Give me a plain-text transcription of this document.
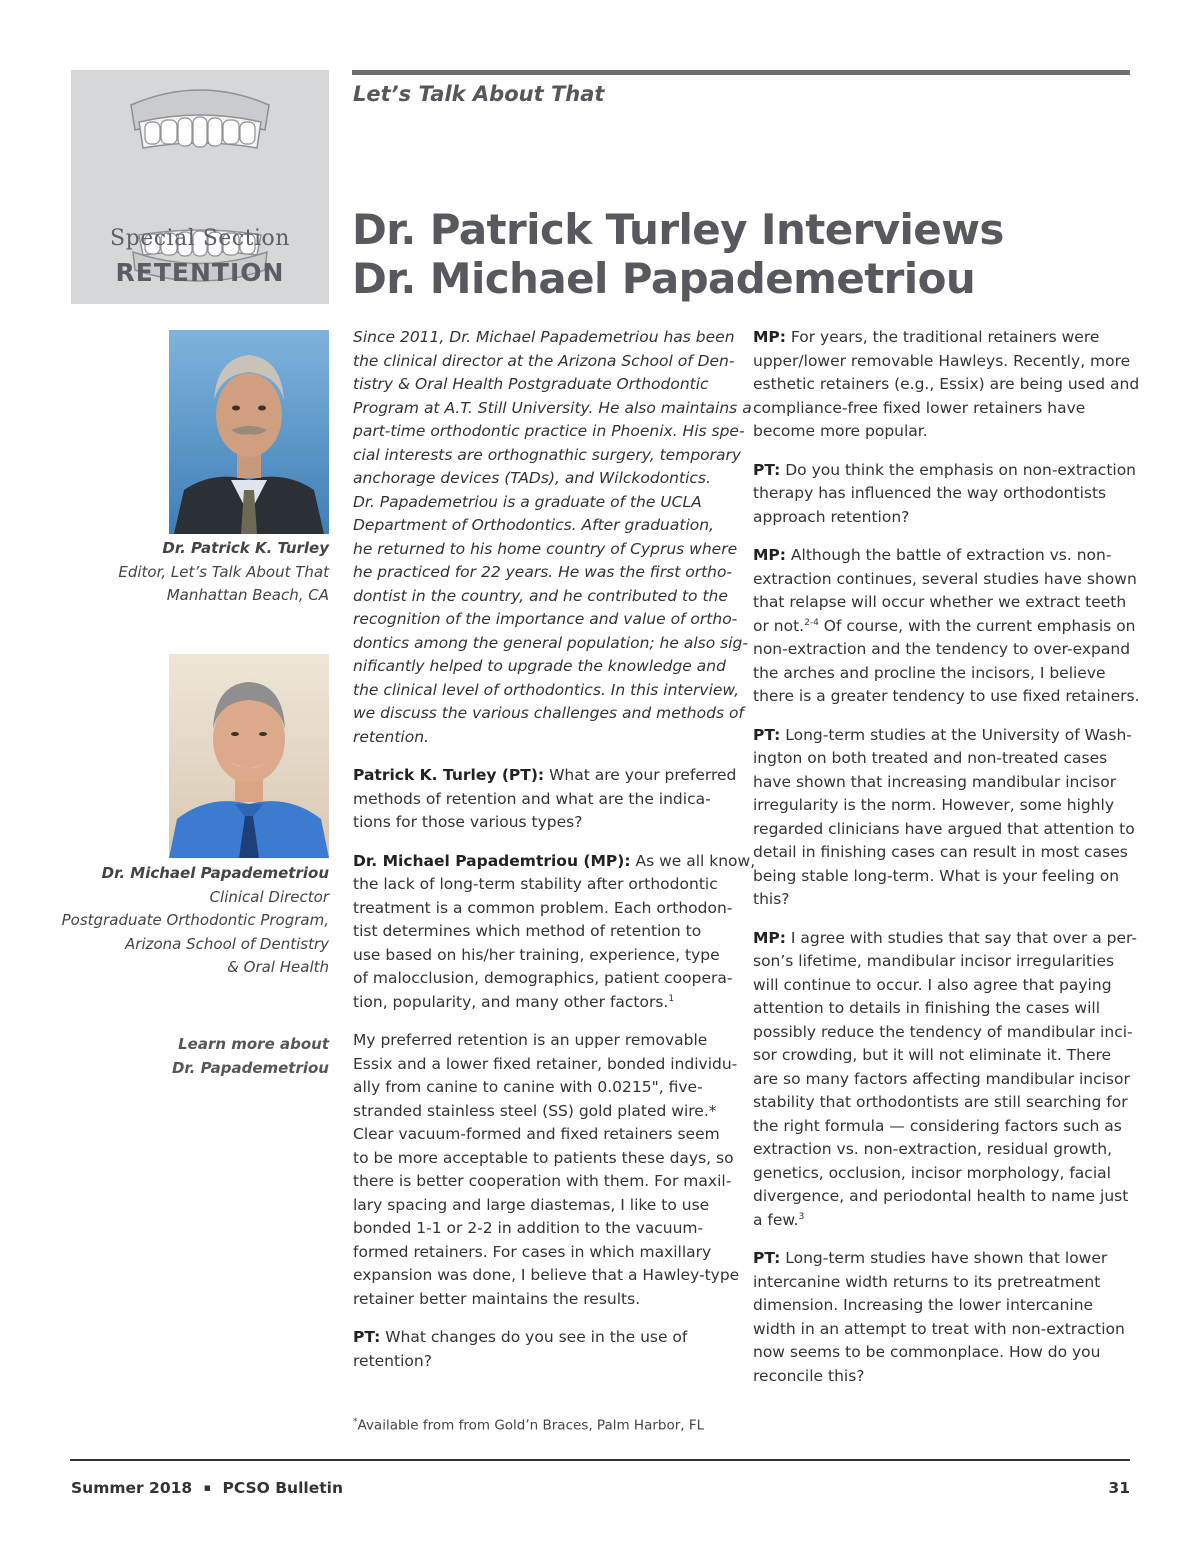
Special Section
RETENTION
Let’s Talk About That
Dr. Patrick Turley Interviews
Dr. Michael Papademetriou
Dr. Patrick K. Turley
Editor, Let’s Talk About That
Manhattan Beach, CA
Dr. Michael Papademetriou
Clinical Director
Postgraduate Orthodontic Program,
Arizona School of Dentistry
& Oral Health
Learn more about
Dr. Papademetriou

Since 2011, Dr. Michael Papademetriou has been
the clinical director at the Arizona School of Den-
tistry & Oral Health Postgraduate Orthodontic
Program at A.T. Still University. He also maintains a
part-time orthodontic practice in Phoenix. His spe-
cial interests are orthognathic surgery, temporary
anchorage devices (TADs), and Wilckodontics.
Dr. Papademetriou is a graduate of the UCLA
Department of Orthodontics. After graduation,
he returned to his home country of Cyprus where
he practiced for 22 years. He was the first ortho-
dontist in the country, and he contributed to the
recognition of the importance and value of ortho-
dontics among the general population; he also sig-
nificantly helped to upgrade the knowledge and
the clinical level of orthodontics. In this interview,
we discuss the various challenges and methods of
retention.

Patrick K. Turley (PT): What are your preferred
methods of retention and what are the indica-
tions for those various types?

Dr. Michael Papademtriou (MP): As we all know,
the lack of long-term stability after orthodontic
treatment is a common problem. Each orthodon-
tist determines which method of retention to
use based on his/her training, experience, type
of malocclusion, demographics, patient coopera-
tion, popularity, and many other factors.$^1$

My preferred retention is an upper removable
Essix and a lower fixed retainer, bonded individu-
ally from canine to canine with 0.0215", five-
stranded stainless steel (SS) gold plated wire.*
Clear vacuum-formed and fixed retainers seem
to be more acceptable to patients these days, so
there is better cooperation with them. For maxil-
lary spacing and large diastemas, I like to use
bonded 1-1 or 2-2 in addition to the vacuum-
formed retainers. For cases in which maxillary
expansion was done, I believe that a Hawley-type
retainer better maintains the results.

PT: What changes do you see in the use of
retention?

MP: For years, the traditional retainers were
upper/lower removable Hawleys. Recently, more
esthetic retainers (e.g., Essix) are being used and
compliance-free fixed lower retainers have
become more popular.

PT: Do you think the emphasis on non-extraction
therapy has influenced the way orthodontists
approach retention?

MP: Although the battle of extraction vs. non-
extraction continues, several studies have shown
that relapse will occur whether we extract teeth
or not.$^{2-4}$ Of course, with the current emphasis on
non-extraction and the tendency to over-expand
the arches and procline the incisors, I believe
there is a greater tendency to use fixed retainers.

PT: Long-term studies at the University of Wash-
ington on both treated and non-treated cases
have shown that increasing mandibular incisor
irregularity is the norm. However, some highly
regarded clinicians have argued that attention to
detail in finishing cases can result in most cases
being stable long-term. What is your feeling on
this?

MP: I agree with studies that say that over a per-
son’s lifetime, mandibular incisor irregularities
will continue to occur. I also agree that paying
attention to details in finishing the cases will
possibly reduce the tendency of mandibular inci-
sor crowding, but it will not eliminate it. There
are so many factors affecting mandibular incisor
stability that orthodontists are still searching for
the right formula — considering factors such as
extraction vs. non-extraction, residual growth,
genetics, occlusion, incisor morphology, facial
divergence, and periodontal health to name just
a few.$^3$

PT: Long-term studies have shown that lower
intercanine width returns to its pretreatment
dimension. Increasing the lower intercanine
width in an attempt to treat with non-extraction
now seems to be commonplace. How do you
reconcile this?

*Available from from Gold’n Braces, Palm Harbor, FL
Summer 2018 ▪ PCSO Bulletin	31
